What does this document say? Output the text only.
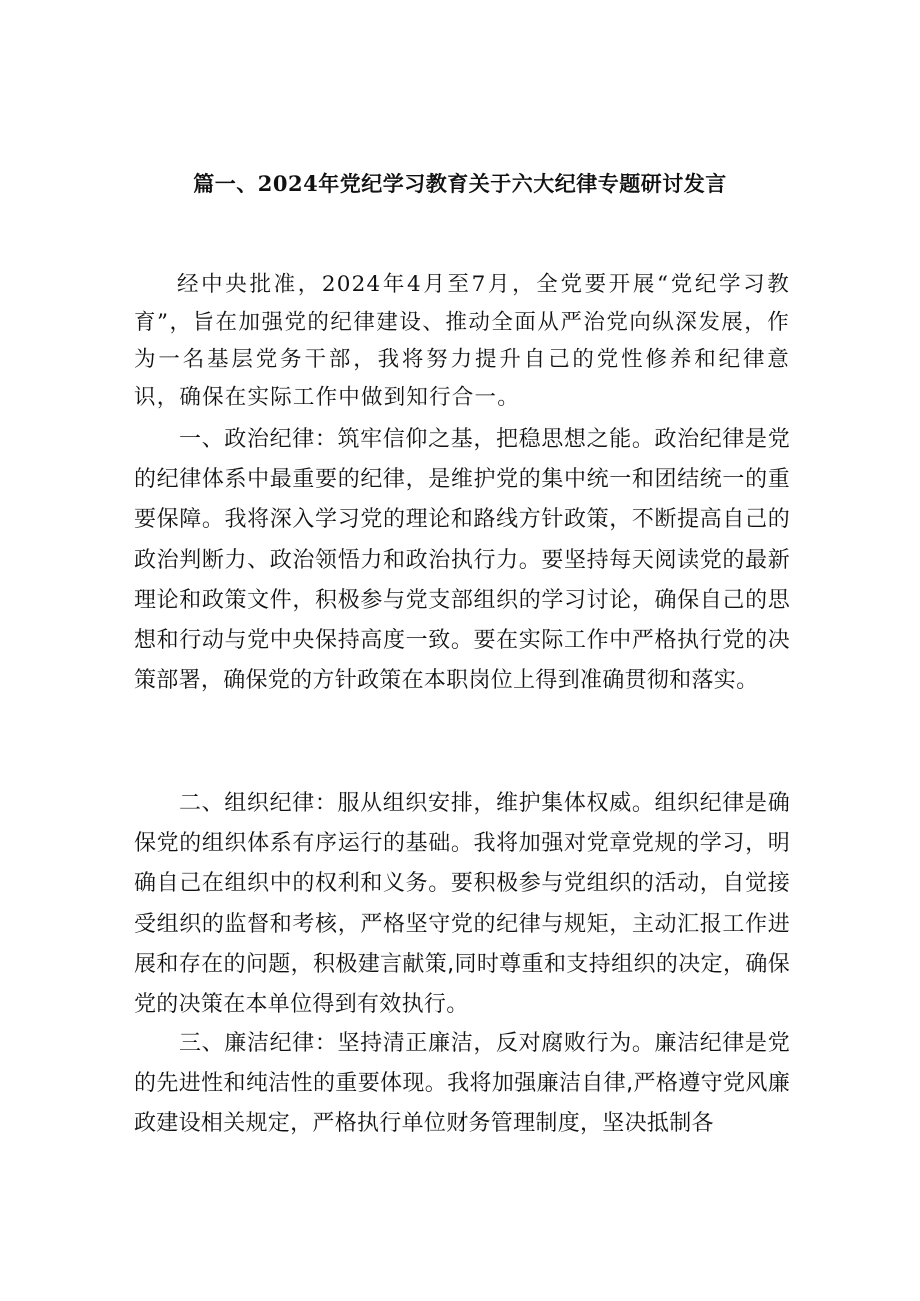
篇一、2024年党纪学习教育关于六大纪律专题研讨发言

经中央批准，2024年4月至7月，全党要开展“党纪学习教育”，旨在加强党的纪律建设、推动全面从严治党向纵深发展，作为一名基层党务干部，我将努力提升自己的党性修养和纪律意识，确保在实际工作中做到知行合一。

一、政治纪律：筑牢信仰之基，把稳思想之能。政治纪律是党的纪律体系中最重要的纪律，是维护党的集中统一和团结统一的重要保障。我将深入学习党的理论和路线方针政策，不断提高自己的政治判断力、政治领悟力和政治执行力。要坚持每天阅读党的最新理论和政策文件，积极参与党支部组织的学习讨论，确保自己的思想和行动与党中央保持高度一致。要在实际工作中严格执行党的决策部署，确保党的方针政策在本职岗位上得到准确贯彻和落实。

二、组织纪律：服从组织安排，维护集体权威。组织纪律是确保党的组织体系有序运行的基础。我将加强对党章党规的学习，明确自己在组织中的权利和义务。要积极参与党组织的活动，自觉接受组织的监督和考核，严格坚守党的纪律与规矩，主动汇报工作进展和存在的问题，积极建言献策,同时尊重和支持组织的决定，确保党的决策在本单位得到有效执行。

三、廉洁纪律：坚持清正廉洁，反对腐败行为。廉洁纪律是党的先进性和纯洁性的重要体现。我将加强廉洁自律,严格遵守党风廉政建设相关规定，严格执行单位财务管理制度，坚决抵制各
